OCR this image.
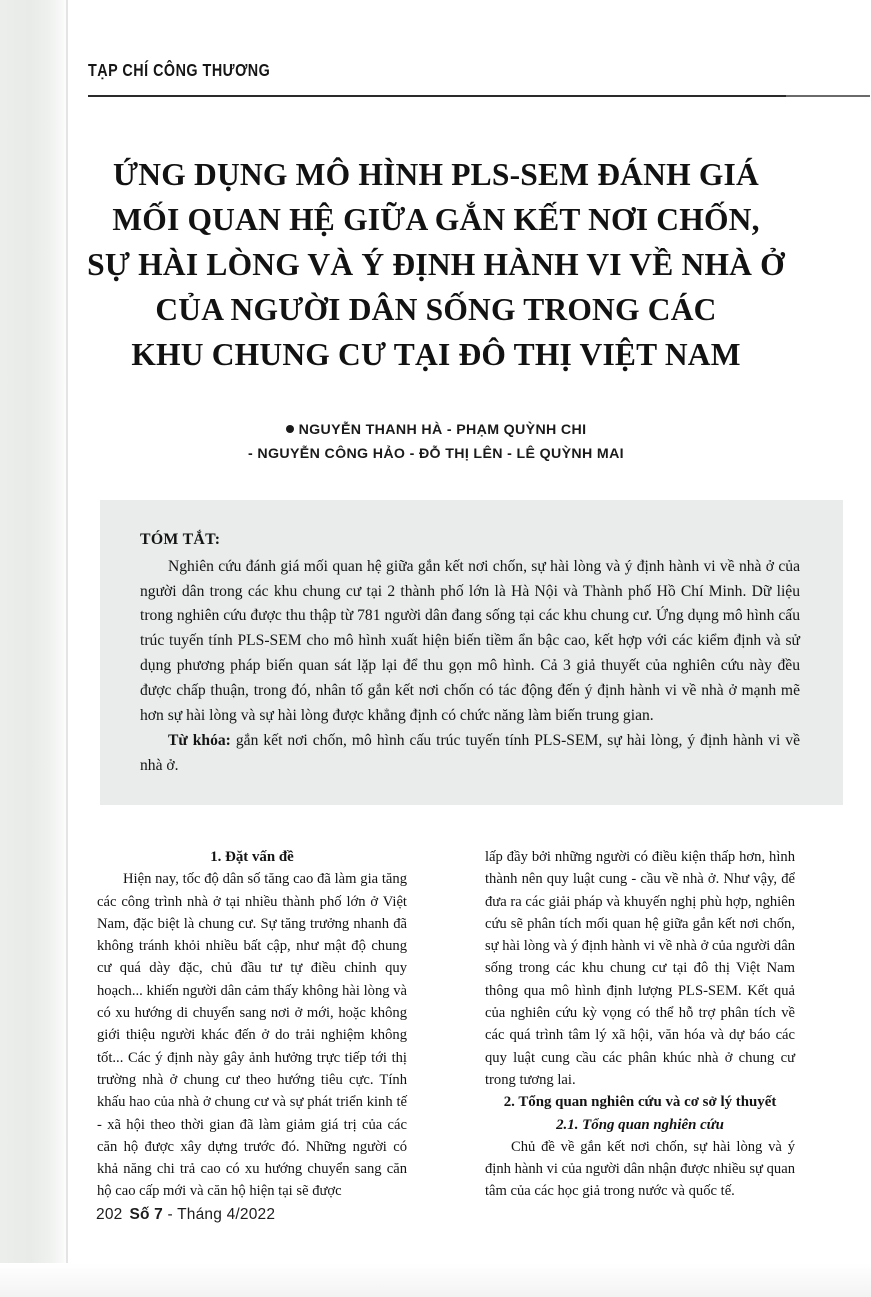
TẠP CHÍ CÔNG THƯƠNG
ỨNG DỤNG MÔ HÌNH PLS-SEM ĐÁNH GIÁ
MỐI QUAN HỆ GIỮA GẮN KẾT NƠI CHỐN,
SỰ HÀI LÒNG VÀ Ý ĐỊNH HÀNH VI VỀ NHÀ Ở
CỦA NGƯỜI DÂN SỐNG TRONG CÁC
KHU CHUNG CƯ TẠI ĐÔ THỊ VIỆT NAM
NGUYỄN THANH HÀ - PHẠM QUỲNH CHI
- NGUYỄN CÔNG HẢO - ĐỖ THỊ LÊN - LÊ QUỲNH MAI
TÓM TẮT:
Nghiên cứu đánh giá mối quan hệ giữa gắn kết nơi chốn, sự hài lòng và ý định hành vi về nhà ở của người dân trong các khu chung cư tại 2 thành phố lớn là Hà Nội và Thành phố Hồ Chí Minh. Dữ liệu trong nghiên cứu được thu thập từ 781 người dân đang sống tại các khu chung cư. Ứng dụng mô hình cấu trúc tuyến tính PLS-SEM cho mô hình xuất hiện biến tiềm ẩn bậc cao, kết hợp với các kiểm định và sử dụng phương pháp biến quan sát lặp lại để thu gọn mô hình. Cả 3 giả thuyết của nghiên cứu này đều được chấp thuận, trong đó, nhân tố gắn kết nơi chốn có tác động đến ý định hành vi về nhà ở mạnh mẽ hơn sự hài lòng và sự hài lòng được khẳng định có chức năng làm biến trung gian.
Từ khóa: gắn kết nơi chốn, mô hình cấu trúc tuyến tính PLS-SEM, sự hài lòng, ý định hành vi về nhà ở.
1. Đặt vấn đề

Hiện nay, tốc độ dân số tăng cao đã làm gia tăng các công trình nhà ở tại nhiều thành phố lớn ở Việt Nam, đặc biệt là chung cư. Sự tăng trưởng nhanh đã không tránh khỏi nhiều bất cập, như mật độ chung cư quá dày đặc, chủ đầu tư tự điều chỉnh quy hoạch... khiến người dân cảm thấy không hài lòng và có xu hướng di chuyển sang nơi ở mới, hoặc không giới thiệu người khác đến ở do trải nghiệm không tốt... Các ý định này gây ảnh hưởng trực tiếp tới thị trường nhà ở chung cư theo hướng tiêu cực. Tính khấu hao của nhà ở chung cư và sự phát triển kinh tế - xã hội theo thời gian đã làm giảm giá trị của các căn hộ được xây dựng trước đó. Những người có khả năng chi trả cao có xu hướng chuyển sang căn hộ cao cấp mới và căn hộ hiện tại sẽ được

lấp đầy bởi những người có điều kiện thấp hơn, hình thành nên quy luật cung - cầu về nhà ở. Như vậy, để đưa ra các giải pháp và khuyến nghị phù hợp, nghiên cứu sẽ phân tích mối quan hệ giữa gắn kết nơi chốn, sự hài lòng và ý định hành vi về nhà ở của người dân sống trong các khu chung cư tại đô thị Việt Nam thông qua mô hình định lượng PLS-SEM. Kết quả của nghiên cứu kỳ vọng có thể hỗ trợ phân tích về các quá trình tâm lý xã hội, văn hóa và dự báo các quy luật cung cầu các phân khúc nhà ở chung cư trong tương lai.

2. Tổng quan nghiên cứu và cơ sở lý thuyết
2.1. Tổng quan nghiên cứu

Chủ đề về gắn kết nơi chốn, sự hài lòng và ý định hành vi của người dân nhận được nhiều sự quan tâm của các học giả trong nước và quốc tế.

202 Số 7 - Tháng 4/2022
